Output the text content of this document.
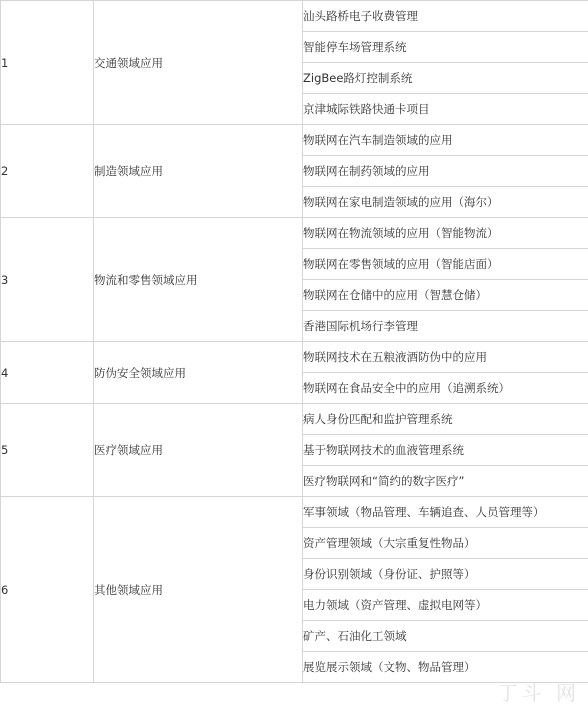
1	交通领域应用	汕头路桥电子收费管理
		智能停车场管理系统
		ZigBee路灯控制系统
		京津城际铁路快通卡项目
2	制造领域应用	物联网在汽车制造领域的应用
		物联网在制药领域的应用
		物联网在家电制造领域的应用（海尔）
3	物流和零售领域应用	物联网在物流领域的应用（智能物流）
		物联网在零售领域的应用（智能店面）
		物联网在仓储中的应用（智慧仓储）
		香港国际机场行李管理
4	防伪安全领域应用	物联网技术在五粮液酒防伪中的应用
		物联网在食品安全中的应用（追溯系统）
5	医疗领域应用	病人身份匹配和监护管理系统
		基于物联网技术的血液管理系统
		医疗物联网和“简约的数字医疗”
6	其他领域应用	军事领域（物品管理、车辆追查、人员管理等）
		资产管理领域（大宗重复性物品）
		身份识别领域（身份证、护照等）
		电力领域（资产管理、虚拟电网等）
		矿产、石油化工领域
		展览展示领域（文物、物品管理）
丁斗 网
